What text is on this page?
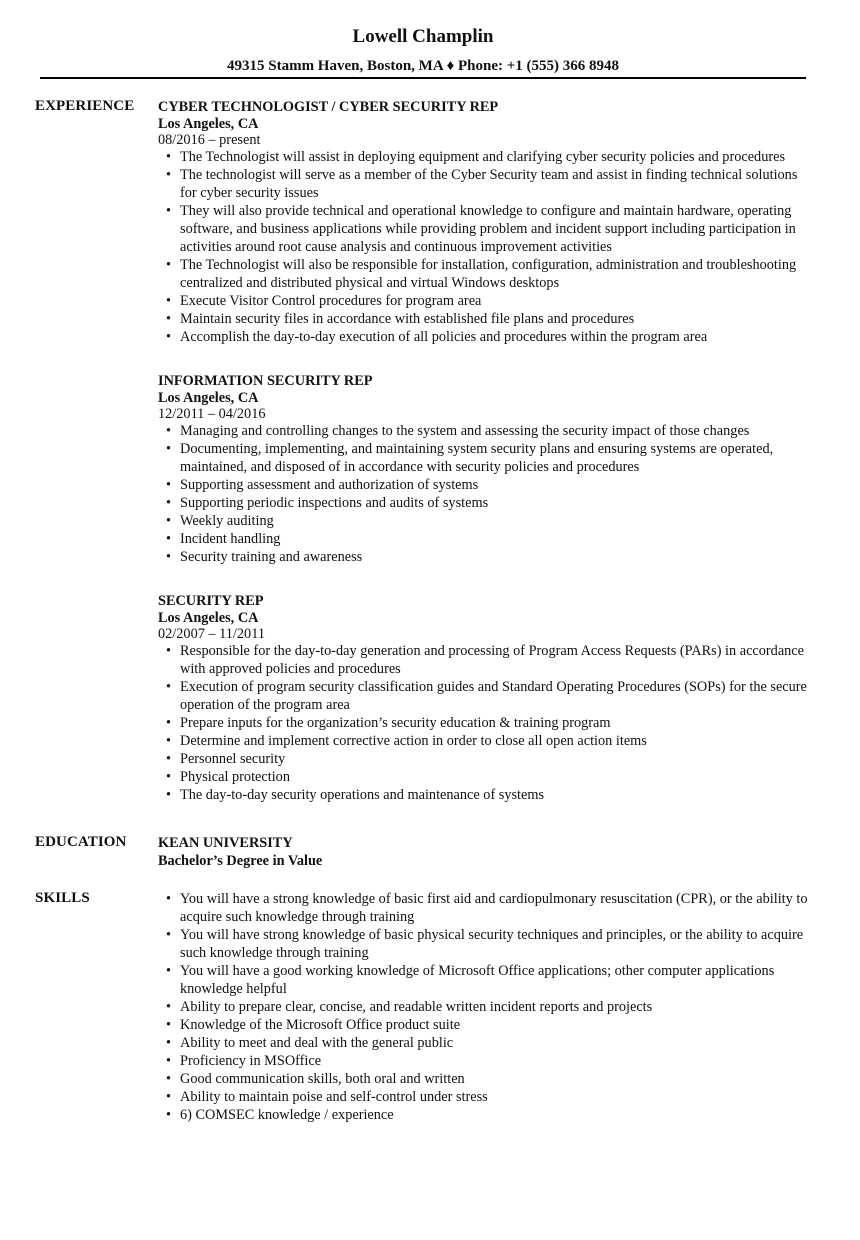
Lowell Champlin
49315 Stamm Haven, Boston, MA ♦ Phone: +1 (555) 366 8948
EXPERIENCE CYBER TECHNOLOGIST / CYBER SECURITY REP
Los Angeles, CA
08/2016 – present
• The Technologist will assist in deploying equipment and clarifying cyber security policies and procedures
• The technologist will serve as a member of the Cyber Security team and assist in finding technical solutions for cyber security issues
• They will also provide technical and operational knowledge to configure and maintain hardware, operating software, and business applications while providing problem and incident support including participation in activities around root cause analysis and continuous improvement activities
• The Technologist will also be responsible for installation, configuration, administration and troubleshooting centralized and distributed physical and virtual Windows desktops
• Execute Visitor Control procedures for program area
• Maintain security files in accordance with established file plans and procedures
• Accomplish the day-to-day execution of all policies and procedures within the program area
INFORMATION SECURITY REP
Los Angeles, CA
12/2011 – 04/2016
• Managing and controlling changes to the system and assessing the security impact of those changes
• Documenting, implementing, and maintaining system security plans and ensuring systems are operated, maintained, and disposed of in accordance with security policies and procedures
• Supporting assessment and authorization of systems
• Supporting periodic inspections and audits of systems
• Weekly auditing
• Incident handling
• Security training and awareness
SECURITY REP
Los Angeles, CA
02/2007 – 11/2011
• Responsible for the day-to-day generation and processing of Program Access Requests (PARs) in accordance with approved policies and procedures
• Execution of program security classification guides and Standard Operating Procedures (SOPs) for the secure operation of the program area
• Prepare inputs for the organization’s security education & training program
• Determine and implement corrective action in order to close all open action items
• Personnel security
• Physical protection
• The day-to-day security operations and maintenance of systems
EDUCATION KEAN UNIVERSITY
Bachelor’s Degree in Value
SKILLS
•	You will have a strong knowledge of basic first aid and cardiopulmonary resuscitation (CPR), or the ability to acquire such knowledge through training
• You will have strong knowledge of basic physical security techniques and principles, or the ability to acquire such knowledge through training
• You will have a good working knowledge of Microsoft Office applications; other computer applications knowledge helpful
• Ability to prepare clear, concise, and readable written incident reports and projects
• Knowledge of the Microsoft Office product suite
• Ability to meet and deal with the general public
• Proficiency in MSOffice
• Good communication skills, both oral and written
• Ability to maintain poise and self-control under stress
• 6) COMSEC knowledge / experience
